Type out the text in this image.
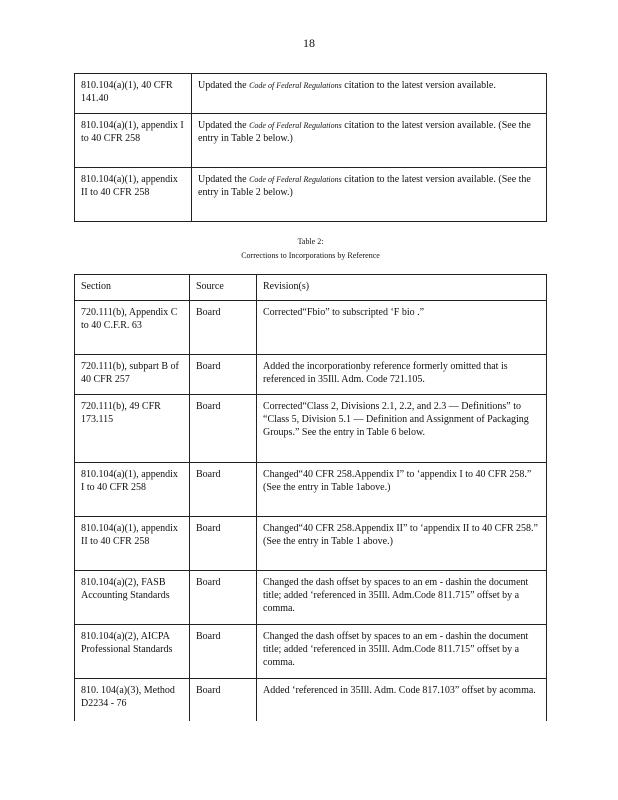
18
810.104(a)(1), 40 CFR 141.40	Updated the Code of Federal Regulations citation to the latest version available.
810.104(a)(1), appendix I to 40 CFR 258	Updated the Code of Federal Regulations citation to the latest version available. (See the entry in Table 2 below.)
810.104(a)(1), appendix II to 40 CFR 258	Updated the Code of Federal Regulations citation to the latest version available. (See the entry in Table 2 below.)
Table 2:
Corrections to Incorporations by Reference
Section	Source	Revision(s)
720.111(b), Appendix C to 40 C.F.R. 63	Board	Corrected“Fbio” to subscripted ‘F bio .”
720.111(b), subpart B of 40 CFR 257	Board	Added the incorporationby reference formerly omitted that is referenced in 35Ill. Adm. Code 721.105.
720.111(b), 49 CFR 173.115	Board	Corrected“Class 2, Divisions 2.1, 2.2, and 2.3 — Definitions” to “Class 5, Division 5.1 — Definition and Assignment of Packaging Groups.” See the entry in Table 6 below.
810.104(a)(1), appendix I to 40 CFR 258	Board	Changed“40 CFR 258.Appendix I” to ‘appendix I to 40 CFR 258.” (See the entry in Table 1above.)
810.104(a)(1), appendix II to 40 CFR 258	Board	Changed“40 CFR 258.Appendix II” to ‘appendix II to 40 CFR 258.” (See the entry in Table 1 above.)
810.104(a)(2), FASB Accounting Standards	Board	Changed the dash offset by spaces to an em - dashin the document title; added ‘referenced in 35Ill. Adm.Code 811.715” offset by a comma.
810.104(a)(2), AICPA Professional Standards	Board	Changed the dash offset by spaces to an em - dashin the document title; added ‘referenced in 35Ill. Adm.Code 811.715” offset by a comma.
810. 104(a)(3), Method D2234 - 76	Board	Added ‘referenced in 35Ill. Adm. Code 817.103” offset by acomma.
